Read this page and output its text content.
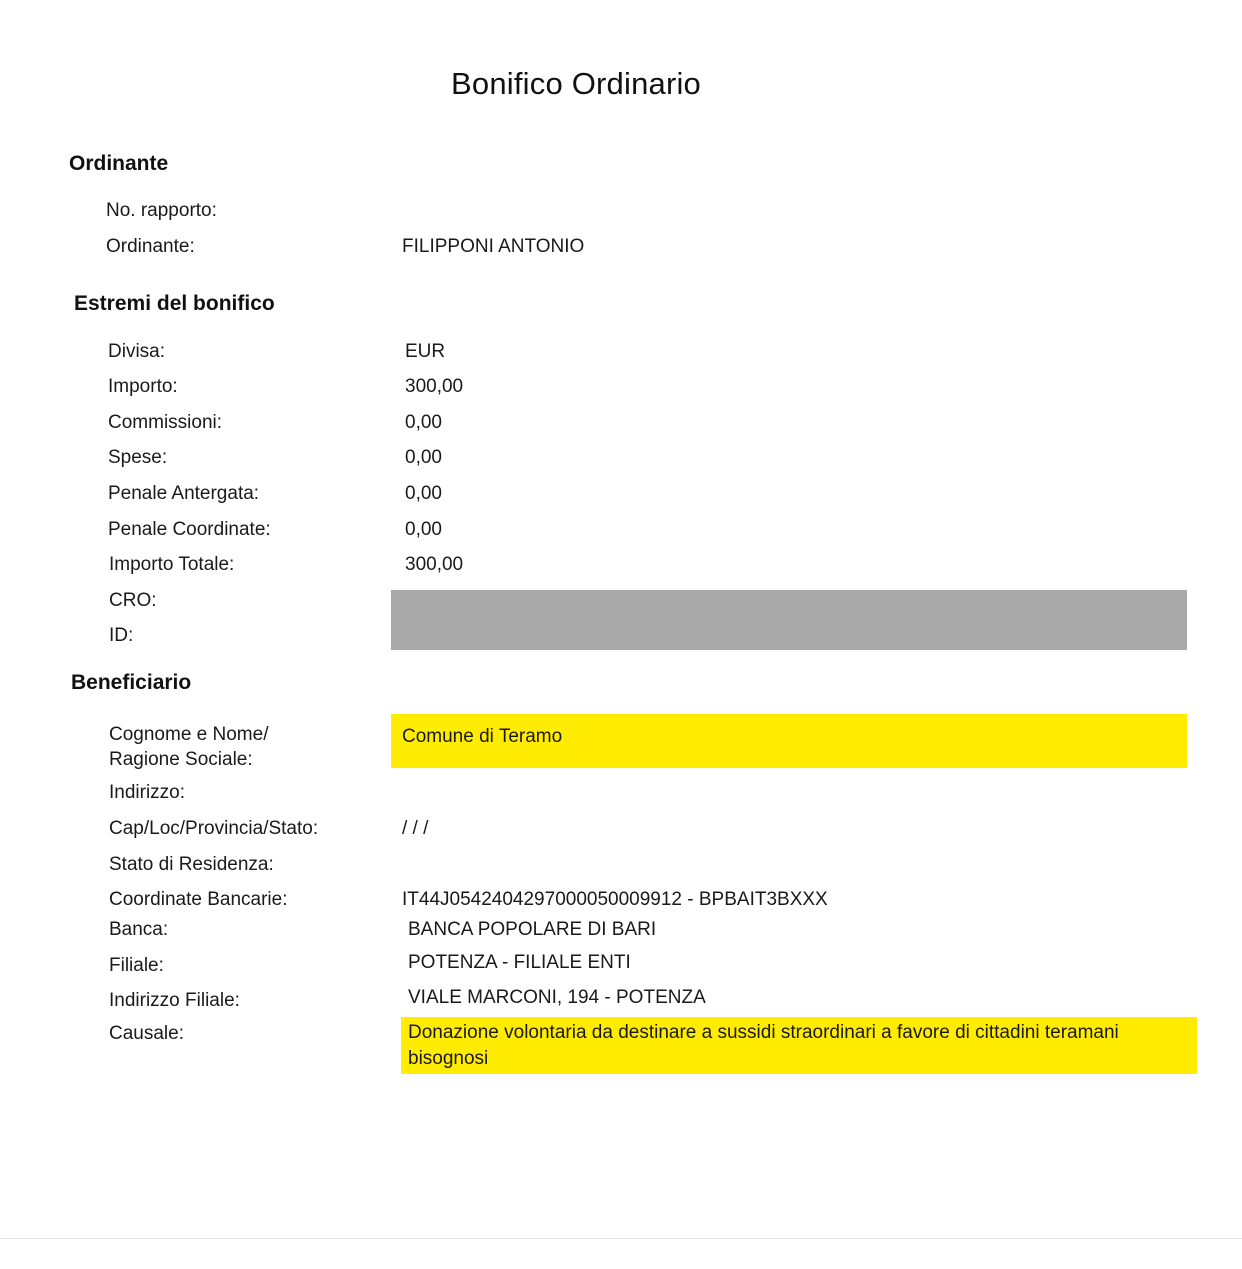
Bonifico Ordinario
Ordinante
No. rapporto:
Ordinante:	FILIPPONI ANTONIO
Estremi del bonifico
Divisa:	EUR
Importo:	300,00
Commissioni:	0,00
Spese:	0,00
Penale Antergata:	0,00
Penale Coordinate:	0,00
Importo Totale:	300,00
CRO:
ID:
Beneficiario
Cognome e Nome/
Ragione Sociale:
Comune di Teramo
Indirizzo:
Cap/Loc/Provincia/Stato:	/ / /
Stato di Residenza:
Coordinate Bancarie:	IT44J0542404297000050009912 - BPBAIT3BXXX
Banca:	BANCA POPOLARE DI BARI
Filiale:	POTENZA - FILIALE ENTI
Indirizzo Filiale:	VIALE MARCONI, 194 - POTENZA
Causale:	Donazione volontaria da destinare a sussidi straordinari a favore di cittadini teramani
bisognosi
